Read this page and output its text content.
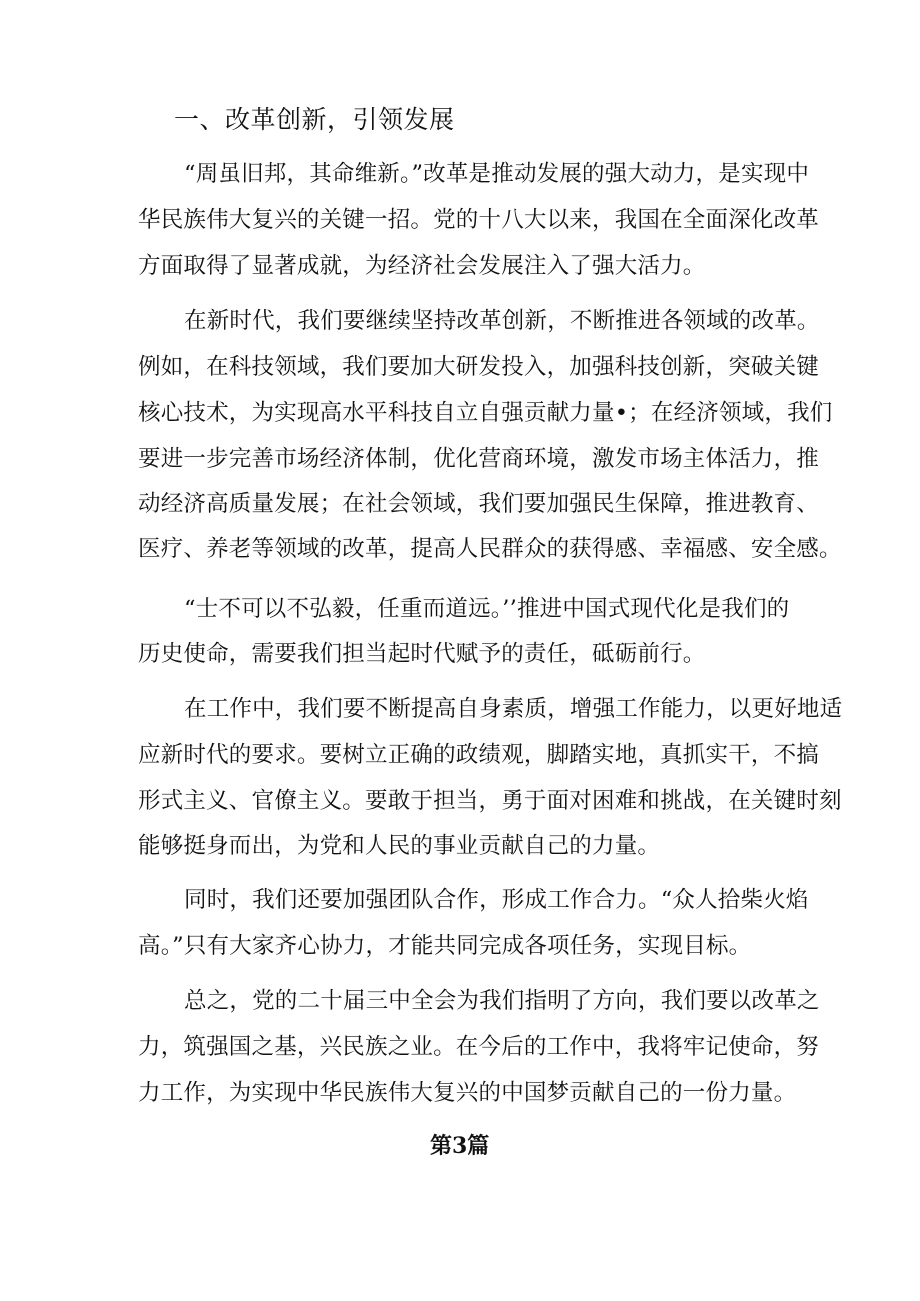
一、改革创新，引领发展
“周虽旧邦，其命维新。”改革是推动发展的强大动力，是实现中
华民族伟大复兴的关键一招。党的十八大以来，我国在全面深化改革
方面取得了显著成就，为经济社会发展注入了强大活力。
在新时代，我们要继续坚持改革创新，不断推进各领域的改革。
例如，在科技领域，我们要加大研发投入，加强科技创新，突破关键
核心技术，为实现高水平科技自立自强贡献力量•；在经济领域，我们
要进一步完善市场经济体制，优化营商环境，激发市场主体活力，推
动经济高质量发展；在社会领域，我们要加强民生保障，推进教育、
医疗、养老等领域的改革，提高人民群众的获得感、幸福感、安全感。
“士不可以不弘毅，任重而道远。’’推进中国式现代化是我们的
历史使命，需要我们担当起时代赋予的责任，砥砺前行。
在工作中，我们要不断提高自身素质，增强工作能力，以更好地适
应新时代的要求。要树立正确的政绩观，脚踏实地，真抓实干，不搞
形式主义、官僚主义。要敢于担当，勇于面对困难和挑战，在关键时刻
能够挺身而出，为党和人民的事业贡献自己的力量。
同时，我们还要加强团队合作，形成工作合力。“众人拾柴火焰
高。”只有大家齐心协力，才能共同完成各项任务，实现目标。
总之，党的二十届三中全会为我们指明了方向，我们要以改革之
力，筑强国之基，兴民族之业。在今后的工作中，我将牢记使命，努
力工作，为实现中华民族伟大复兴的中国梦贡献自己的一份力量。
第3篇
